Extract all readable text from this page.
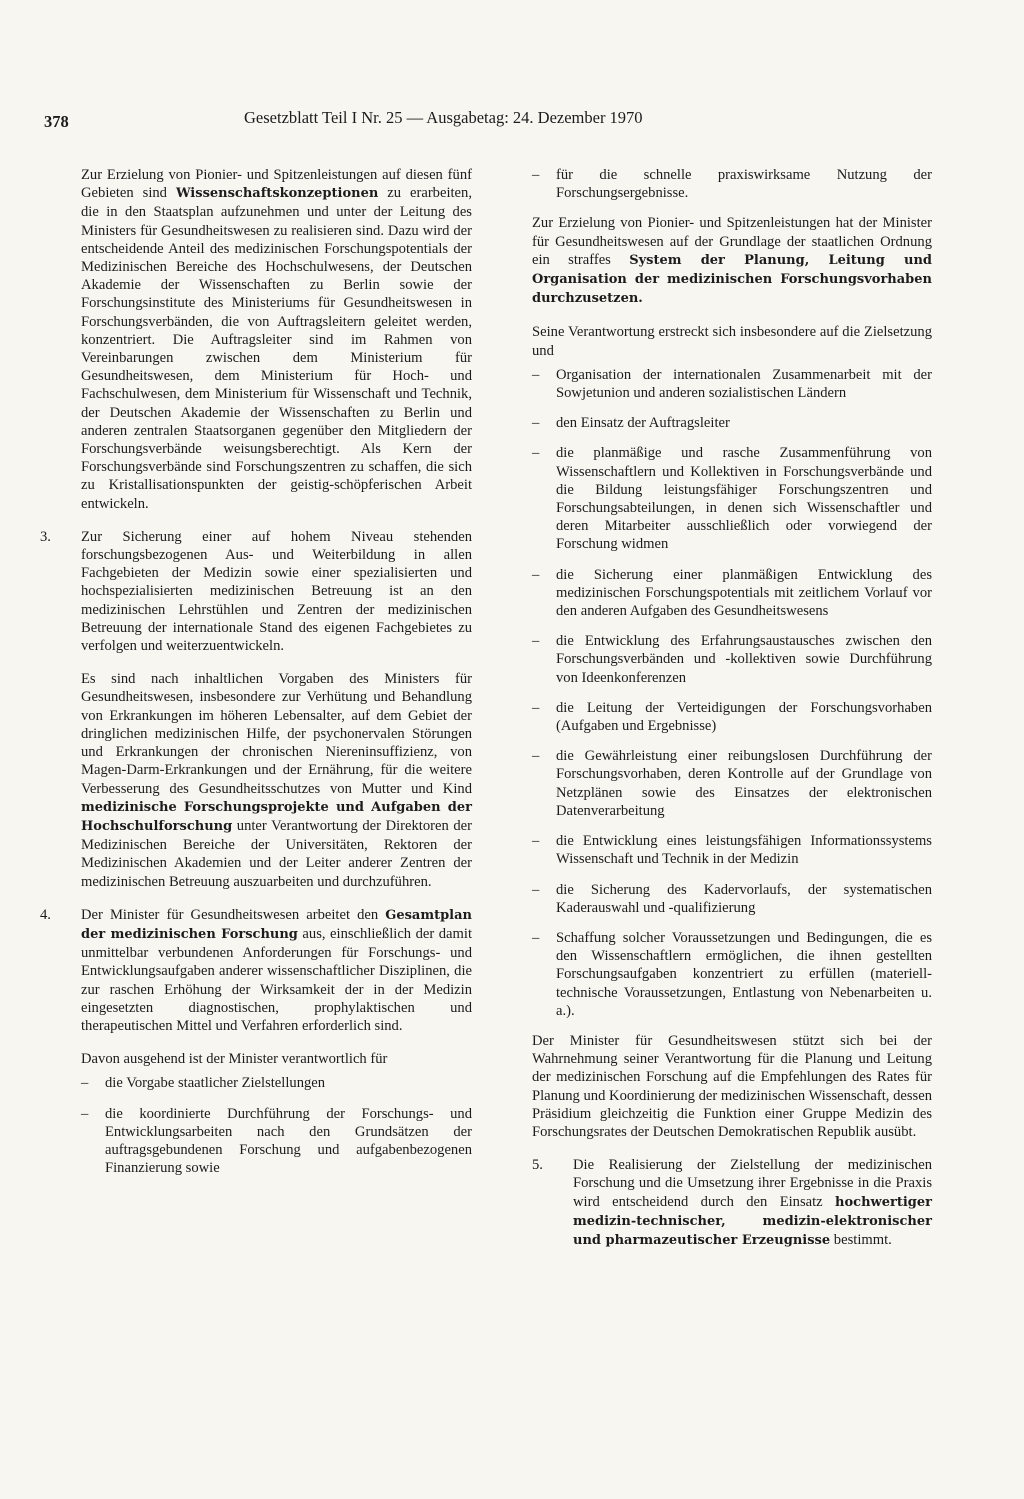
378	Gesetzblatt Teil I Nr. 25 — Ausgabetag: 24. Dezember 1970

Zur Erzielung von Pionier- und Spitzenleistungen auf diesen fünf Gebieten sind Wissenschaftskonzeptionen zu erarbeiten, die in den Staatsplan aufzunehmen und unter der Leitung des Ministers für Gesundheitswesen zu realisieren sind. Dazu wird der entscheidende Anteil des medizinischen Forschungspotentials der Medizinischen Bereiche des Hochschulwesens, der Deutschen Akademie der Wissenschaften zu Berlin sowie der Forschungsinstitute des Ministeriums für Gesundheitswesen in Forschungsverbänden, die von Auftragsleitern geleitet werden, konzentriert. Die Auftragsleiter sind im Rahmen von Vereinbarungen zwischen dem Ministerium für Gesundheitswesen, dem Ministerium für Hoch- und Fachschulwesen, dem Ministerium für Wissenschaft und Technik, der Deutschen Akademie der Wissenschaften zu Berlin und anderen zentralen Staatsorganen gegenüber den Mitgliedern der Forschungsverbände weisungsberechtigt. Als Kern der Forschungsverbände sind Forschungszentren zu schaffen, die sich zu Kristallisationspunkten der geistig-schöpferischen Arbeit entwickeln.

3.	Zur Sicherung einer auf hohem Niveau stehenden forschungsbezogenen Aus- und Weiterbildung in allen Fachgebieten der Medizin sowie einer spezialisierten und hochspezialisierten medizinischen Betreuung ist an den medizinischen Lehrstühlen und Zentren der medizinischen Betreuung der internationale Stand des eigenen Fachgebietes zu verfolgen und weiterzuentwickeln.

Es sind nach inhaltlichen Vorgaben des Ministers für Gesundheitswesen, insbesondere zur Verhütung und Behandlung von Erkrankungen im höheren Lebensalter, auf dem Gebiet der dringlichen medizinischen Hilfe, der psychonervalen Störungen und Erkrankungen der chronischen Niereninsuffizienz, von Magen-Darm-Erkrankungen und der Ernährung, für die weitere Verbesserung des Gesundheitsschutzes von Mutter und Kind medizinische Forschungsprojekte und Aufgaben der Hochschulforschung unter Verantwortung der Direktoren der Medizinischen Bereiche der Universitäten, Rektoren der Medizinischen Akademien und der Leiter anderer Zentren der medizinischen Betreuung auszuarbeiten und durchzuführen.

4.	Der Minister für Gesundheitswesen arbeitet den Gesamtplan der medizinischen Forschung aus, einschließlich der damit unmittelbar verbundenen Anforderungen für Forschungs- und Entwicklungsaufgaben anderer wissenschaftlicher Disziplinen, die zur raschen Erhöhung der Wirksamkeit der in der Medizin eingesetzten diagnostischen, prophylaktischen und therapeutischen Mittel und Verfahren erforderlich sind.

Davon ausgehend ist der Minister verantwortlich für

–	die Vorgabe staatlicher Zielstellungen
–	die koordinierte Durchführung der Forschungs- und Entwicklungsarbeiten nach den Grundsätzen der auftragsgebundenen Forschung und aufgabenbezogenen Finanzierung sowie
–	für die schnelle praxiswirksame Nutzung der Forschungsergebnisse.

Zur Erzielung von Pionier- und Spitzenleistungen hat der Minister für Gesundheitswesen auf der Grundlage der staatlichen Ordnung ein straffes System der Planung, Leitung und Organisation der medizinischen Forschungsvorhaben durchzusetzen.

Seine Verantwortung erstreckt sich insbesondere auf die Zielsetzung und

–	Organisation der internationalen Zusammenarbeit mit der Sowjetunion und anderen sozialistischen Ländern
–	den Einsatz der Auftragsleiter
–	die planmäßige und rasche Zusammenführung von Wissenschaftlern und Kollektiven in Forschungsverbände und die Bildung leistungsfähiger Forschungszentren und Forschungsabteilungen, in denen sich Wissenschaftler und deren Mitarbeiter ausschließlich oder vorwiegend der Forschung widmen
–	die Sicherung einer planmäßigen Entwicklung des medizinischen Forschungspotentials mit zeitlichem Vorlauf vor den anderen Aufgaben des Gesundheitswesens
–	die Entwicklung des Erfahrungsaustausches zwischen den Forschungsverbänden und -kollektiven sowie Durchführung von Ideenkonferenzen
–	die Leitung der Verteidigungen der Forschungsvorhaben (Aufgaben und Ergebnisse)
–	die Gewährleistung einer reibungslosen Durchführung der Forschungsvorhaben, deren Kontrolle auf der Grundlage von Netzplänen sowie des Einsatzes der elektronischen Datenverarbeitung
–	die Entwicklung eines leistungsfähigen Informationssystems Wissenschaft und Technik in der Medizin
–	die Sicherung des Kadervorlaufs, der systematischen Kaderauswahl und -qualifizierung
–	Schaffung solcher Voraussetzungen und Bedingungen, die es den Wissenschaftlern ermöglichen, die ihnen gestellten Forschungsaufgaben konzentriert zu erfüllen (materiell-technische Voraussetzungen, Entlastung von Nebenarbeiten u. a.).

Der Minister für Gesundheitswesen stützt sich bei der Wahrnehmung seiner Verantwortung für die Planung und Leitung der medizinischen Forschung auf die Empfehlungen des Rates für Planung und Koordinierung der medizinischen Wissenschaft, dessen Präsidium gleichzeitig die Funktion einer Gruppe Medizin des Forschungsrates der Deutschen Demokratischen Republik ausübt.

5.	Die Realisierung der Zielstellung der medizinischen Forschung und die Umsetzung ihrer Ergebnisse in die Praxis wird entscheidend durch den Einsatz hochwertiger medizin-technischer, medizin-elektronischer und pharmazeutischer Erzeugnisse bestimmt.
